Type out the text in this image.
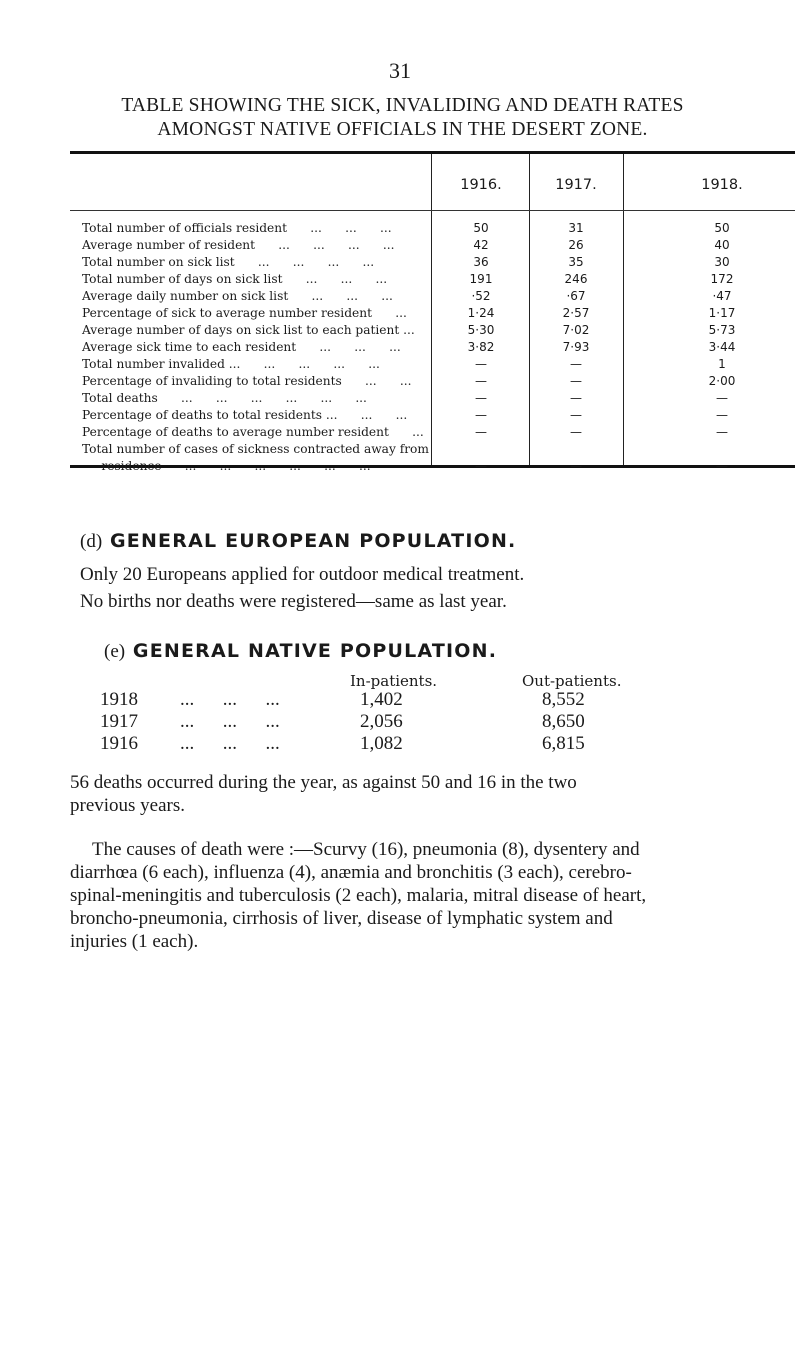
31
TABLE SHOWING THE SICK, INVALIDING AND DEATH RATES
AMONGST NATIVE OFFICIALS IN THE DESERT ZONE.
1916.	1917.	1918.
Total number of officials resident      ...      ...      ...	50	31	50
Average number of resident      ...      ...      ...      ...	42	26	40
Total number on sick list      ...      ...      ...      ...	36	35	30
Total number of days on sick list      ...      ...      ...	191	246	172
Average daily number on sick list      ...      ...      ...	·52	·67	·47
Percentage of sick to average number resident      ...	1·24	2·57	1·17
Average number of days on sick list to each patient ...	5·30	7·02	5·73
Average sick time to each resident      ...      ...      ...	3·82	7·93	3·44
Total number invalided ...      ...      ...      ...      ...	—	—	1
Percentage of invaliding to total residents      ...      ...	—	—	2·00
Total deaths      ...      ...      ...      ...      ...      ...	—	—	—
Percentage of deaths to total residents ...      ...      ...	—	—	—
Percentage of deaths to average number resident      ...	—	—	—
Total number of cases of sickness contracted away from
residence      ...      ...      ...      ...      ...      ...	—	—	—
(d) GENERAL EUROPEAN POPULATION.
Only 20 Europeans applied for outdoor medical treatment.
No births nor deaths were registered—same as last year.
(e) GENERAL NATIVE POPULATION.
In-patients.	Out-patients.
1918 ...      ...      ...	1,402	8,552
1917 ...      ...      ...	2,056	8,650
1916 ...      ...      ...	1,082	6,815
56 deaths occurred during the year, as against 50 and 16 in the two
previous years.
The causes of death were :—Scurvy (16), pneumonia (8), dysentery and
diarrhœa (6 each), influenza (4), anæmia and bronchitis (3 each), cerebro-
spinal-meningitis and tuberculosis (2 each), malaria, mitral disease of heart,
broncho-pneumonia, cirrhosis of liver, disease of lymphatic system and
injuries (1 each).
